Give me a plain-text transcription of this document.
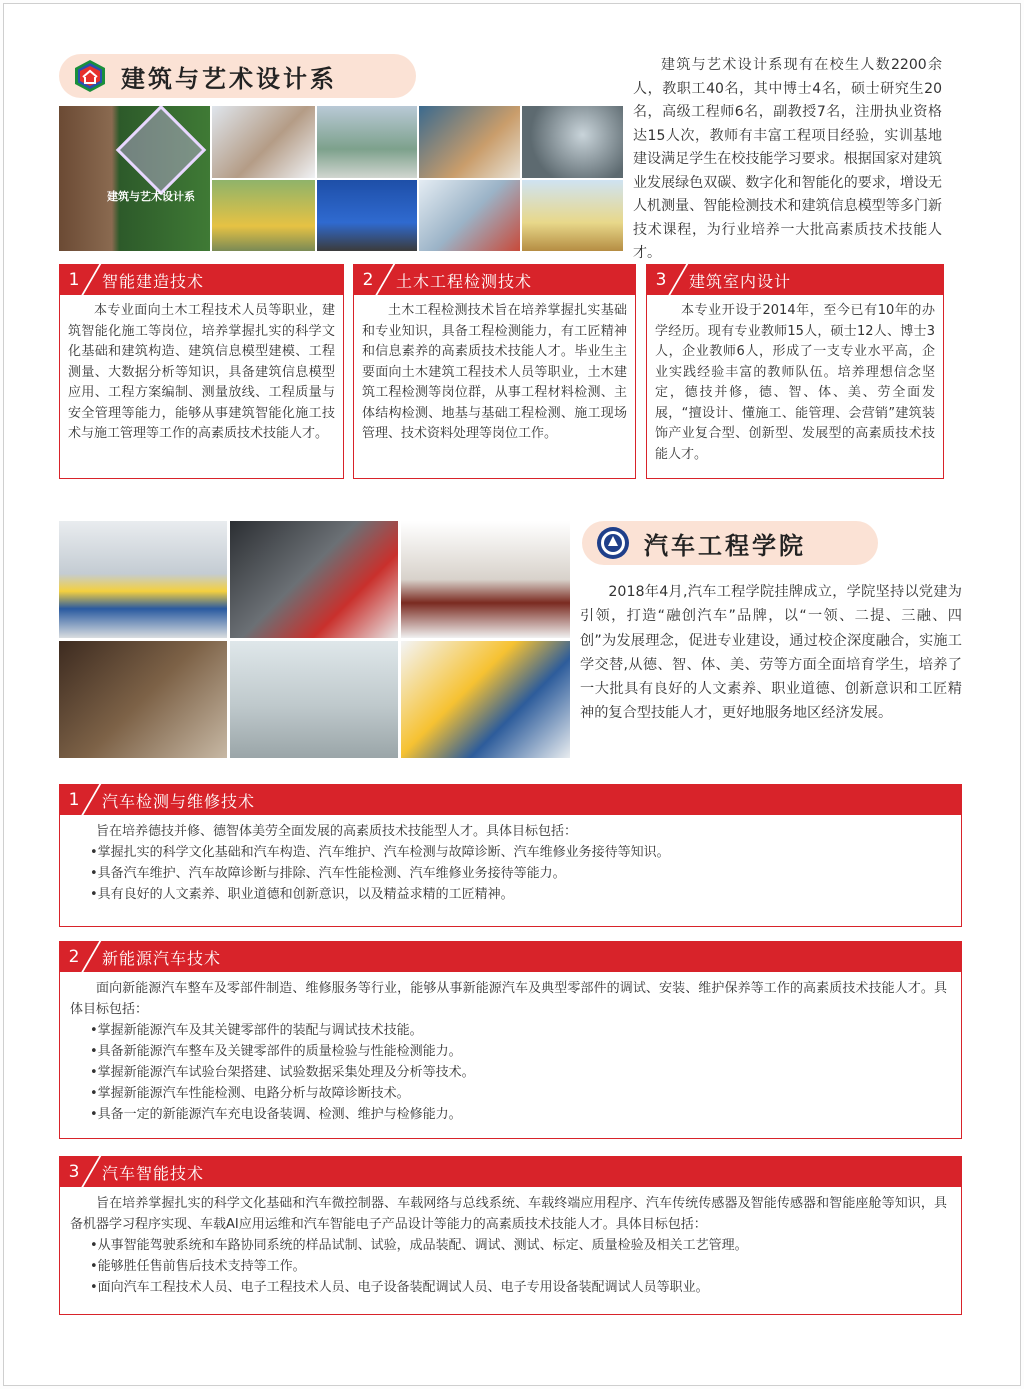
建筑与艺术设计系	建筑与艺术设计系现有在校生人数2200余人，教职工40名，其中博士4名，硕士研究生20名，高级工程师6名，副教授7名，注册执业资格达15人次，教师有丰富工程项目经验，实训基地建设满足学生在校技能学习要求。根据国家对建筑业发展绿色双碳、数字化和智能化的要求，增设无人机测量、智能检测技术和建筑信息模型等多门新技术课程，为行业培养一大批高素质技术技能人才。
建筑与艺术设计系
1	智能建造技术
本专业面向土木工程技术人员等职业，建筑智能化施工等岗位，培养掌握扎实的科学文化基础和建筑构造、建筑信息模型建模、工程测量、大数据分析等知识，具备建筑信息模型应用、工程方案编制、测量放线、工程质量与安全管理等能力，能够从事建筑智能化施工技术与施工管理等工作的高素质技术技能人才。
2	土木工程检测技术
土木工程检测技术旨在培养掌握扎实基础和专业知识，具备工程检测能力，有工匠精神和信息素养的高素质技术技能人才。毕业生主要面向土木建筑工程技术人员等职业，土木建筑工程检测等岗位群，从事工程材料检测、主体结构检测、地基与基础工程检测、施工现场管理、技术资料处理等岗位工作。
3	建筑室内设计
本专业开设于2014年，至今已有10年的办学经历。现有专业教师15人，硕士12人、博士3人，企业教师6人，形成了一支专业水平高，企业实践经验丰富的教师队伍。培养理想信念坚定，德技并修，德、智、体、美、劳全面发展，“擅设计、懂施工、能管理、会营销”建筑装饰产业复合型、创新型、发展型的高素质技术技能人才。
汽车工程学院
2018年4月,汽车工程学院挂牌成立，学院坚持以党建为引领，打造“融创汽车”品牌，以“一领、二提、三融、四创”为发展理念，促进专业建设，通过校企深度融合，实施工学交替,从德、智、体、美、劳等方面全面培育学生，培养了一大批具有良好的人文素养、职业道德、创新意识和工匠精神的复合型技能人才，更好地服务地区经济发展。
1	汽车检测与维修技术
旨在培养德技并修、德智体美劳全面发展的高素质技术技能型人才。具体目标包括：
•掌握扎实的科学文化基础和汽车构造、汽车维护、汽车检测与故障诊断、汽车维修业务接待等知识。
•具备汽车维护、汽车故障诊断与排除、汽车性能检测、汽车维修业务接待等能力。
•具有良好的人文素养、职业道德和创新意识，以及精益求精的工匠精神。
2	新能源汽车技术
面向新能源汽车整车及零部件制造、维修服务等行业，能够从事新能源汽车及典型零部件的调试、安装、维护保养等工作的高素质技术技能人才。具体目标包括：
•掌握新能源汽车及其关键零部件的装配与调试技术技能。
•具备新能源汽车整车及关键零部件的质量检验与性能检测能力。
•掌握新能源汽车试验台架搭建、试验数据采集处理及分析等技术。
•掌握新能源汽车性能检测、电路分析与故障诊断技术。
•具备一定的新能源汽车充电设备装调、检测、维护与检修能力。
3	汽车智能技术
旨在培养掌握扎实的科学文化基础和汽车微控制器、车载网络与总线系统、车载终端应用程序、汽车传统传感器及智能传感器和智能座舱等知识，具备机器学习程序实现、车载AI应用运维和汽车智能电子产品设计等能力的高素质技术技能人才。具体目标包括：
•从事智能驾驶系统和车路协同系统的样品试制、试验，成品装配、调试、测试、标定、质量检验及相关工艺管理。
•能够胜任售前售后技术支持等工作。
•面向汽车工程技术人员、电子工程技术人员、电子设备装配调试人员、电子专用设备装配调试人员等职业。
